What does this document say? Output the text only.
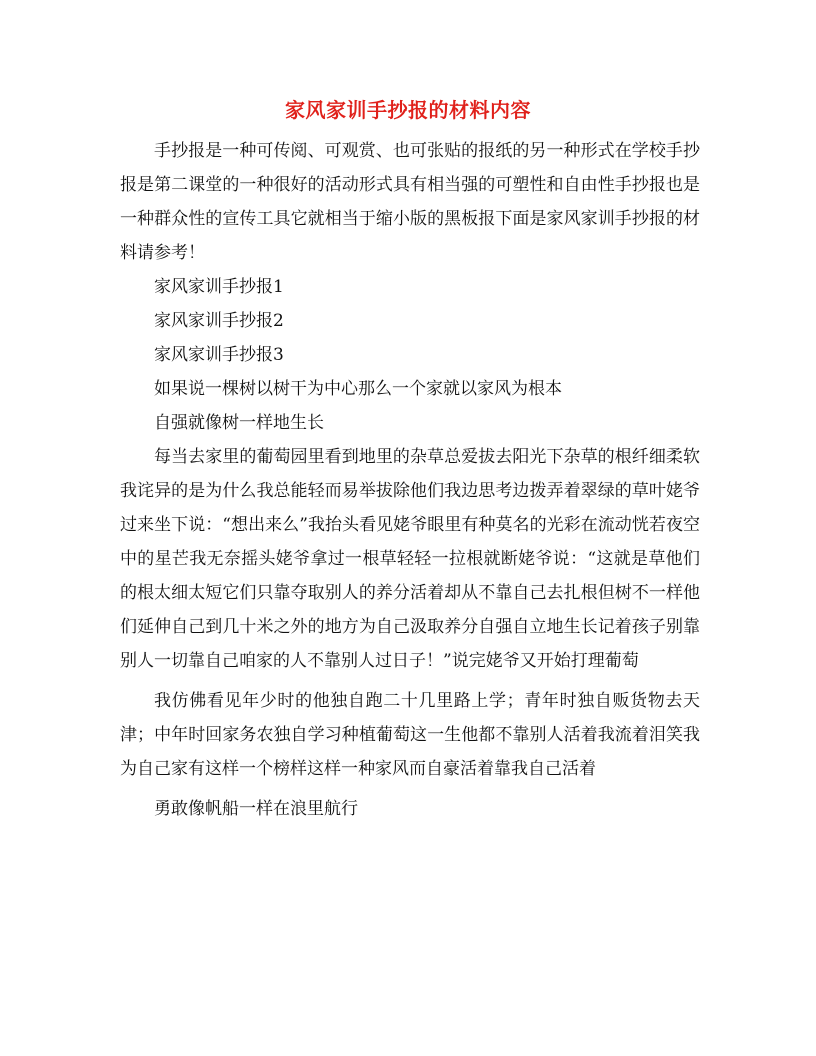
家风家训手抄报的材料内容

手抄报是一种可传阅、可观赏、也可张贴的报纸的另一种形式在学校手抄报是第二课堂的一种很好的活动形式具有相当强的可塑性和自由性手抄报也是一种群众性的宣传工具它就相当于缩小版的黑板报下面是家风家训手抄报的材料请参考！

家风家训手抄报1

家风家训手抄报2

家风家训手抄报3

如果说一棵树以树干为中心那么一个家就以家风为根本

自强就像树一样地生长

每当去家里的葡萄园里看到地里的杂草总爱拔去阳光下杂草的根纤细柔软我诧异的是为什么我总能轻而易举拔除他们我边思考边拨弄着翠绿的草叶姥爷过来坐下说：“想出来么”我抬头看见姥爷眼里有种莫名的光彩在流动恍若夜空中的星芒我无奈摇头姥爷拿过一根草轻轻一拉根就断姥爷说：“这就是草他们的根太细太短它们只靠夺取别人的养分活着却从不靠自己去扎根但树不一样他们延伸自己到几十米之外的地方为自己汲取养分自强自立地生长记着孩子别靠别人一切靠自己咱家的人不靠别人过日子！”说完姥爷又开始打理葡萄

我仿佛看见年少时的他独自跑二十几里路上学；青年时独自贩货物去天津；中年时回家务农独自学习种植葡萄这一生他都不靠别人活着我流着泪笑我为自己家有这样一个榜样这样一种家风而自豪活着靠我自己活着

勇敢像帆船一样在浪里航行
